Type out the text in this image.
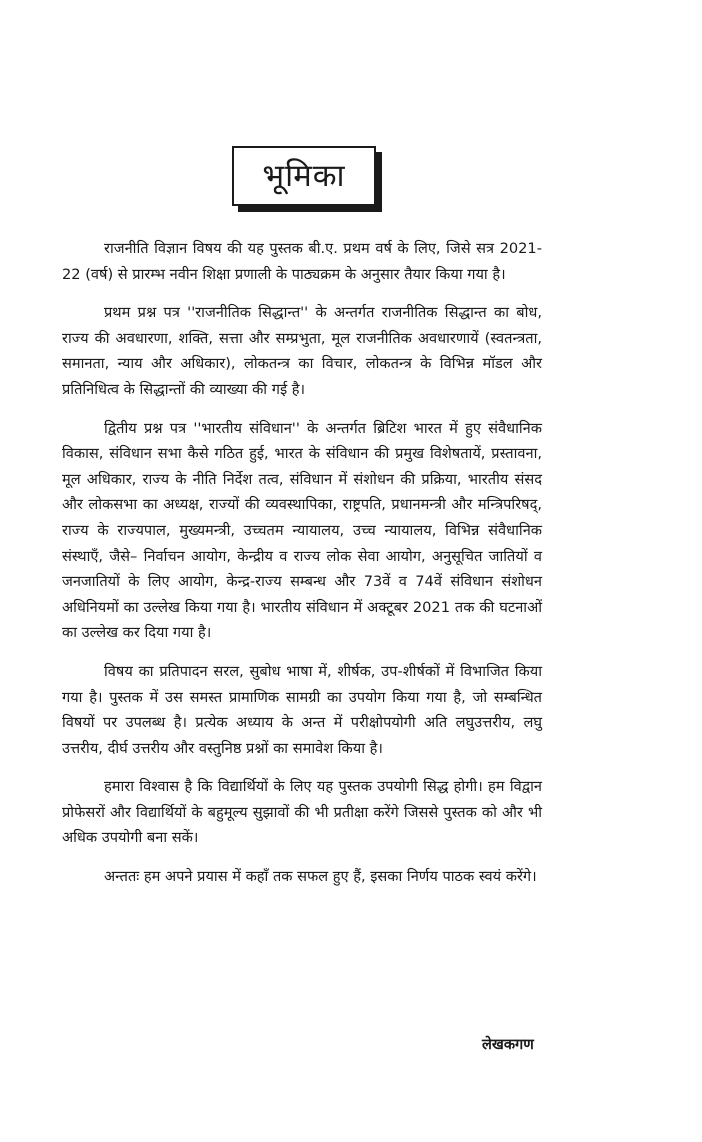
भूमिका

राजनीति विज्ञान विषय की यह पुस्तक बी.ए. प्रथम वर्ष के लिए, जिसे सत्र 2021-22 (वर्ष) से प्रारम्भ नवीन शिक्षा प्रणाली के पाठ्यक्रम के अनुसार तैयार किया गया है।

प्रथम प्रश्न पत्र ''राजनीतिक सिद्धान्त'' के अन्तर्गत राजनीतिक सिद्धान्त का बोध, राज्य की अवधारणा, शक्ति, सत्ता और सम्प्रभुता, मूल राजनीतिक अवधारणायें (स्वतन्त्रता, समानता, न्याय और अधिकार), लोकतन्त्र का विचार, लोकतन्त्र के विभिन्न मॉडल और प्रतिनिधित्व के सिद्धान्तों की व्याख्या की गई है।

द्वितीय प्रश्न पत्र ''भारतीय संविधान'' के अन्तर्गत ब्रिटिश भारत में हुए संवैधानिक विकास, संविधान सभा कैसे गठित हुई, भारत के संविधान की प्रमुख विशेषतायें, प्रस्तावना, मूल अधिकार, राज्य के नीति निर्देश तत्व, संविधान में संशोधन की प्रक्रिया, भारतीय संसद और लोकसभा का अध्यक्ष, राज्यों की व्यवस्थापिका, राष्ट्रपति, प्रधानमन्त्री और मन्त्रिपरिषद्, राज्य के राज्यपाल, मुख्यमन्त्री, उच्चतम न्यायालय, उच्च न्यायालय, विभिन्न संवैधानिक संस्थाएँ, जैसे– निर्वाचन आयोग, केन्द्रीय व राज्य लोक सेवा आयोग, अनुसूचित जातियों व जनजातियों के लिए आयोग, केन्द्र-राज्य सम्बन्ध और 73वें व 74वें संविधान संशोधन अधिनियमों का उल्लेख किया गया है। भारतीय संविधान में अक्टूबर 2021 तक की घटनाओं का उल्लेख कर दिया गया है।

विषय का प्रतिपादन सरल, सुबोध भाषा में, शीर्षक, उप-शीर्षकों में विभाजित किया गया है। पुस्तक में उस समस्त प्रामाणिक सामग्री का उपयोग किया गया है, जो सम्बन्धित विषयों पर उपलब्ध है। प्रत्येक अध्याय के अन्त में परीक्षोपयोगी अति लघुउत्तरीय, लघु उत्तरीय, दीर्घ उत्तरीय और वस्तुनिष्ठ प्रश्नों का समावेश किया है।

हमारा विश्वास है कि विद्यार्थियों के लिए यह पुस्तक उपयोगी सिद्ध होगी। हम विद्वान प्रोफेसरों और विद्यार्थियों के बहुमूल्य सुझावों की भी प्रतीक्षा करेंगे जिससे पुस्तक को और भी अधिक उपयोगी बना सकें।

अन्ततः हम अपने प्रयास में कहाँ तक सफल हुए हैं, इसका निर्णय पाठक स्वयं करेंगे।

लेखकगण
